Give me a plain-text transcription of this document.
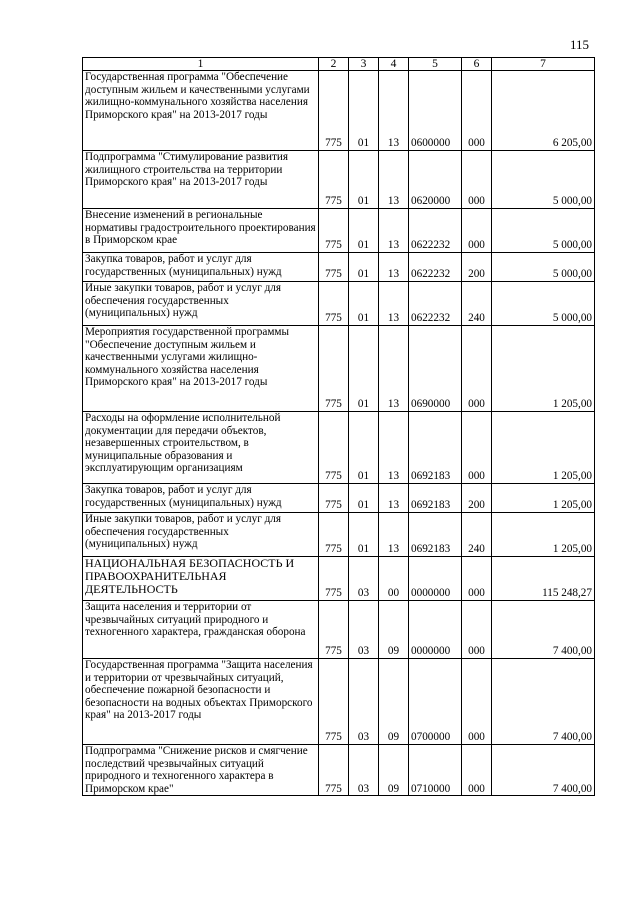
115
1	2	3	4	5	6	7
Государственная программа "Обеспечение доступным жильем и качественными услугами жилищно-коммунального хозяйства населения Приморского края" на 2013-2017 годы	775	01	13	0600000	000	6 205,00
Подпрограмма "Стимулирование развития жилищного строительства на территории Приморского края" на 2013-2017 годы	775	01	13	0620000	000	5 000,00
Внесение изменений в региональные нормативы градостроительного проектирования в Приморском крае	775	01	13	0622232	000	5 000,00
Закупка товаров, работ и услуг для государственных (муниципальных) нужд	775	01	13	0622232	200	5 000,00
Иные закупки товаров, работ и услуг для обеспечения государственных (муниципальных) нужд	775	01	13	0622232	240	5 000,00
Мероприятия государственной программы "Обеспечение доступным жильем и качественными услугами жилищно-коммунального хозяйства населения Приморского края" на 2013-2017 годы	775	01	13	0690000	000	1 205,00
Расходы на оформление исполнительной документации для передачи объектов, незавершенных строительством, в муниципальные образования и эксплуатирующим организациям	775	01	13	0692183	000	1 205,00
Закупка товаров, работ и услуг для государственных (муниципальных) нужд	775	01	13	0692183	200	1 205,00
Иные закупки товаров, работ и услуг для обеспечения государственных (муниципальных) нужд	775	01	13	0692183	240	1 205,00
НАЦИОНАЛЬНАЯ БЕЗОПАСНОСТЬ И ПРАВООХРАНИТЕЛЬНАЯ ДЕЯТЕЛЬНОСТЬ	775	03	00	0000000	000	115 248,27
Защита населения и территории от чрезвычайных ситуаций природного и техногенного характера, гражданская оборона	775	03	09	0000000	000	7 400,00
Государственная программа "Защита населения и территории от чрезвычайных ситуаций, обеспечение пожарной безопасности и безопасности на водных объектах Приморского края" на 2013-2017 годы	775	03	09	0700000	000	7 400,00
Подпрограмма "Снижение рисков и смягчение последствий чрезвычайных ситуаций природного и техногенного характера в Приморском крае"	775	03	09	0710000	000	7 400,00
